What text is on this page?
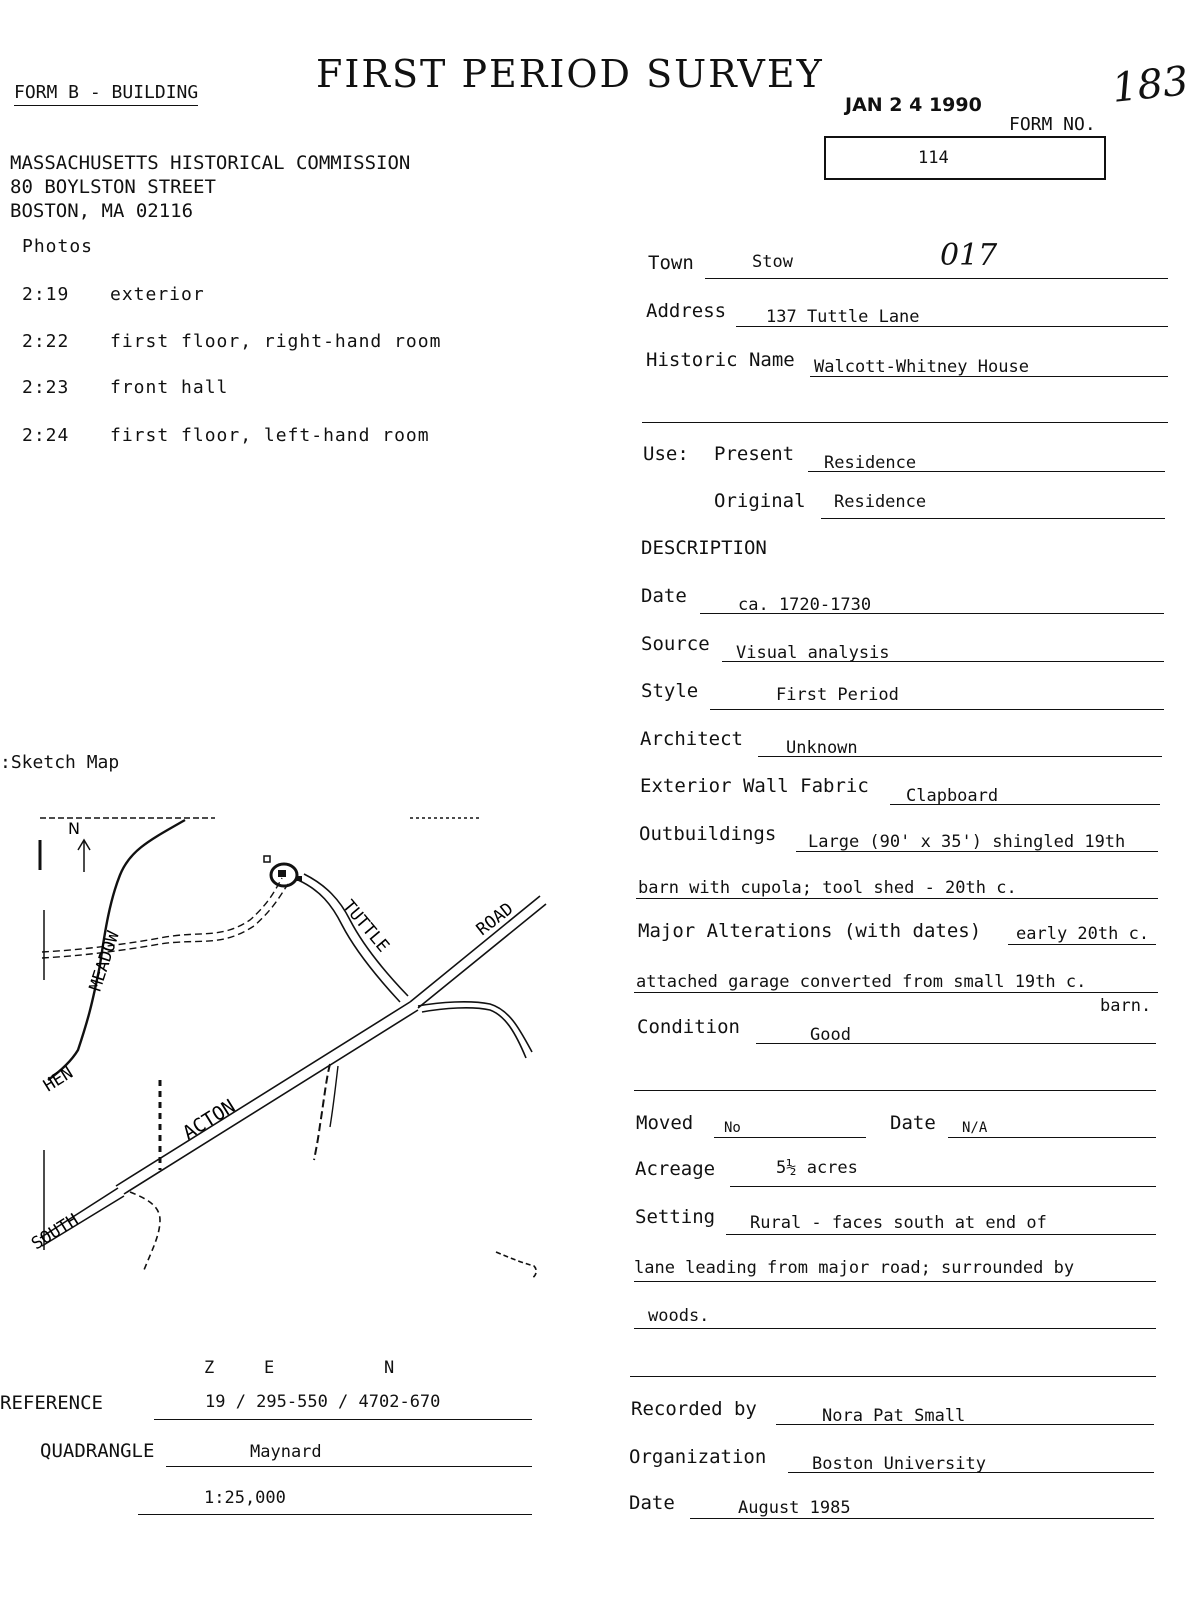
FORM B - BUILDING	FIRST PERIOD SURVEY
JAN 2 4 1990	183
FORM NO.
114
MASSACHUSETTS HISTORICAL COMMISSION
80 BOYLSTON STREET
BOSTON, MA 02116
Photos
2:19 exterior
2:22 first floor, right-hand room
2:23 front hall
2:24 first floor, left-hand room
Town	Stow	017
Address 137 Tuttle Lane
Historic Name Walcott-Whitney House
Use: Present Residence
Original Residence
DESCRIPTION
Date	ca. 1720-1730
Source Visual analysis
Style	First Period
Architect	Unknown
Exterior Wall Fabric Clapboard
Outbuildings Large (90' x 35') shingled 19th
barn with cupola; tool shed - 20th c.
Major Alterations (with dates) early 20th c.
attached garage converted from small 19th c.
barn.
Condition	Good
Moved No	Date N/A
Acreage	5½ acres
Setting Rural - faces south at end of
lane leading from major road; surrounded by
woods.
Recorded by	Nora Pat Small
Organization	Boston University
Date	August 1985
Sketch Map:
N
MEADOW
HEN
TUTTLE	ROAD
ACTON
SOUTH
Z	E	N
REFERENCE	19 / 295-550 / 4702-670
QUADRANGLE	Maynard
1:25,000
